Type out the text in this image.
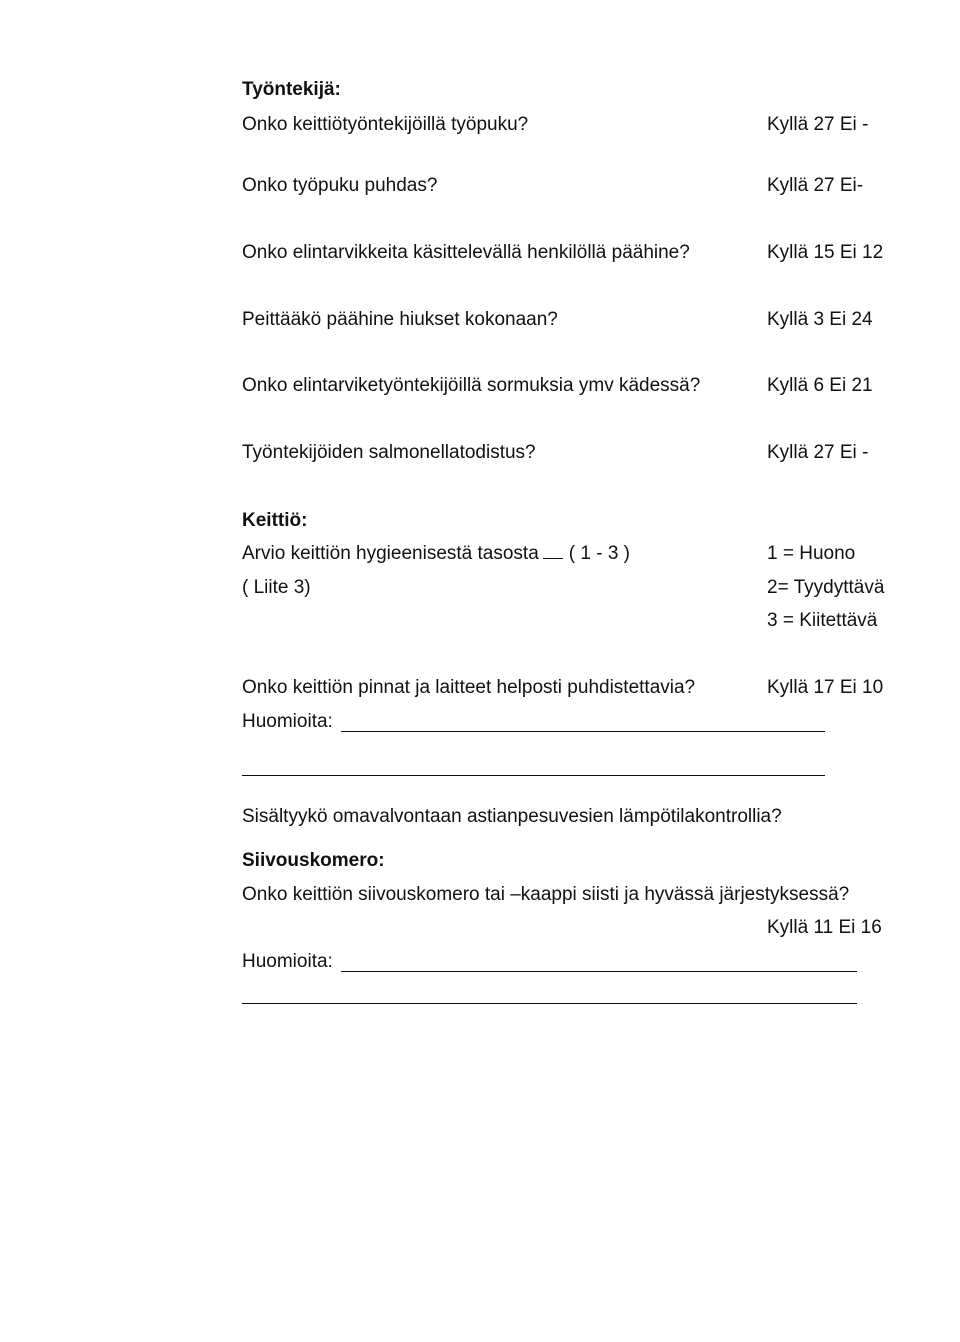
Työntekijä:
Onko keittiötyöntekijöillä työpuku?	Kyllä 27 Ei -
Onko työpuku puhdas?	Kyllä 27 Ei-
Onko elintarvikkeita käsittelevällä henkilöllä päähine?	Kyllä 15 Ei 12
Peittääkö päähine hiukset kokonaan?	Kyllä 3 Ei 24
Onko elintarviketyöntekijöillä sormuksia ymv kädessä?	Kyllä 6 Ei 21
Työntekijöiden salmonellatodistus?	Kyllä 27 Ei -
Keittiö:
Arvio keittiön hygieenisestä tasosta ( 1 - 3 )
( Liite 3)
1 = Huono
2= Tyydyttävä
3 = Kiitettävä
Onko keittiön pinnat ja laitteet helposti puhdistettavia?	Kyllä 17 Ei 10
Huomioita:
Sisältyykö omavalvontaan astianpesuvesien lämpötilakontrollia?
Siivouskomero:
Onko keittiön siivouskomero tai –kaappi siisti ja hyvässä järjestyksessä?
Kyllä 11 Ei 16
Huomioita:
